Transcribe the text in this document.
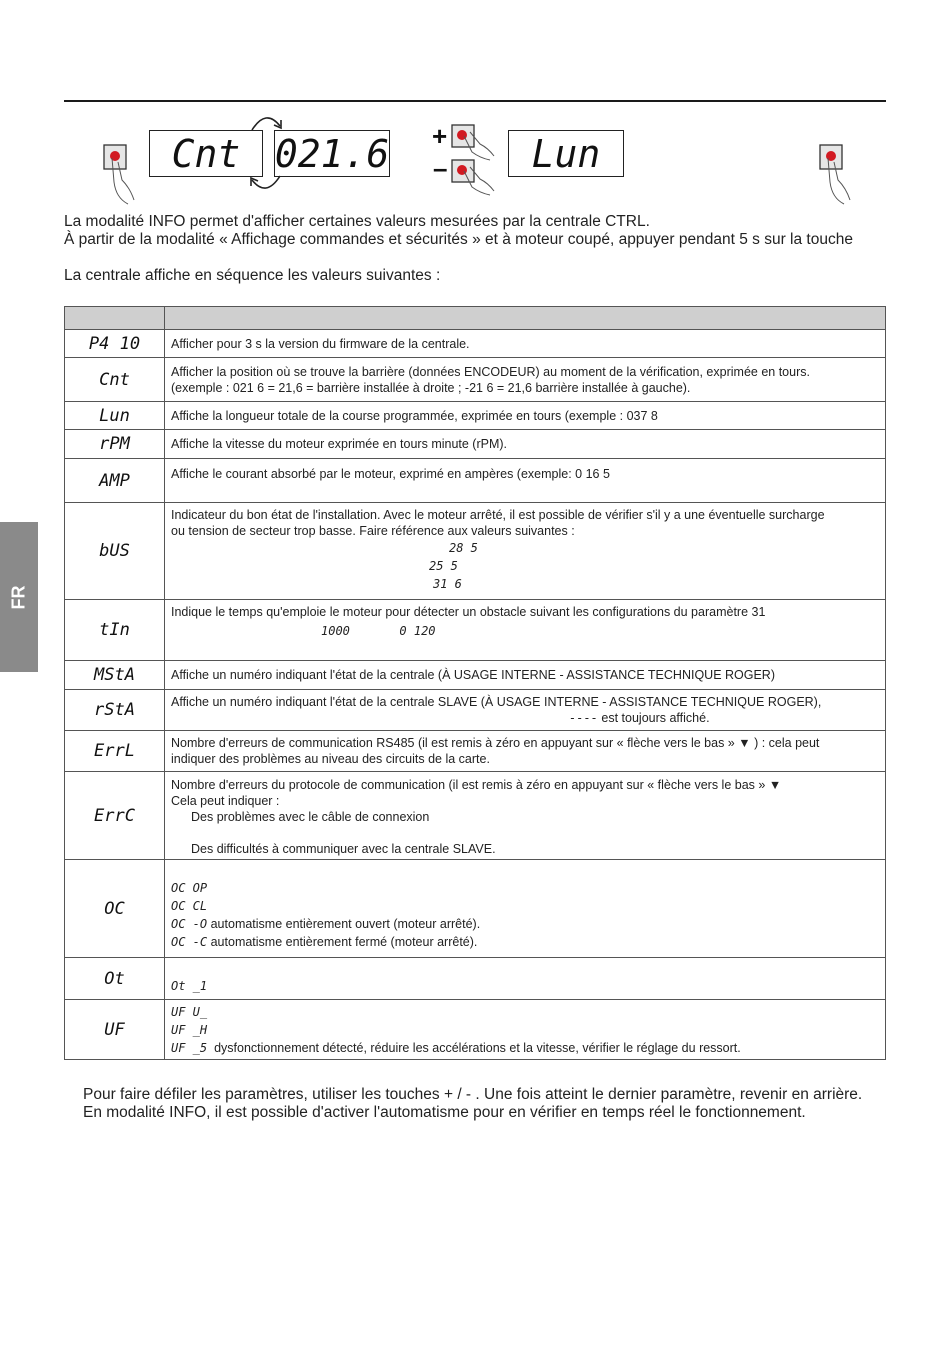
Cnt 021.6 +
–	Lun
La modalité INFO permet d'afficher certaines valeurs mesurées par la centrale CTRL.
À partir de la modalité « Affichage commandes et sécurités » et à moteur coupé, appuyer pendant 5 s sur la touche
La centrale affiche en séquence les valeurs suivantes :

P4 10	Afficher pour 3 s la version du firmware de la centrale.

Cnt	Afficher la position où se trouve la barrière (données ENCODEUR) au moment de la vérification, exprimée en tours.
(exemple : 021 6 = 21,6 = barrière installée à droite ; -21 6 = 21,6 barrière installée à gauche).

Lun	Affiche la longueur totale de la course programmée, exprimée en tours (exemple : 037 8

rPM	Affiche la vitesse du moteur exprimée en tours minute (rPM).

AMP	Affiche le courant absorbé par le moteur, exprimé en ampères (exemple: 0 16 5

bUS	Indicateur du bon état de l'installation. Avec le moteur arrêté, il est possible de vérifier s'il y a une éventuelle surcharge
ou tension de secteur trop basse. Faire référence aux valeurs suivantes :
28 5
25 5
31 6

tIn	Indique le temps qu'emploie le moteur pour détecter un obstacle suivant les configurations du paramètre 31
1000 0 120

MStA	Affiche un numéro indiquant l'état de la centrale (À USAGE INTERNE - ASSISTANCE TECHNIQUE ROGER)

rStA	Affiche un numéro indiquant l'état de la centrale SLAVE (À USAGE INTERNE - ASSISTANCE TECHNIQUE ROGER),
---- est toujours affiché.

ErrL	Nombre d'erreurs de communication RS485 (il est remis à zéro en appuyant sur « flèche vers le bas » ▼ ) : cela peut
indiquer des problèmes au niveau des circuits de la carte.

ErrC	Nombre d'erreurs du protocole de communication (il est remis à zéro en appuyant sur « flèche vers le bas » ▼
Cela peut indiquer :
Des problèmes avec le câble de connexion
Des difficultés à communiquer avec la centrale SLAVE.

OC	OC OP
OC CL
OC -O automatisme entièrement ouvert (moteur arrêté).
OC -C automatisme entièrement fermé (moteur arrêté).

Ot	Ot _1

UF	UF U_
UF _H
UF _5 dysfonctionnement détecté, réduire les accélérations et la vitesse, vérifier le réglage du ressort.
FR
Pour faire défiler les paramètres, utiliser les touches + / - . Une fois atteint le dernier paramètre, revenir en arrière.
En modalité INFO, il est possible d'activer l'automatisme pour en vérifier en temps réel le fonctionnement.
